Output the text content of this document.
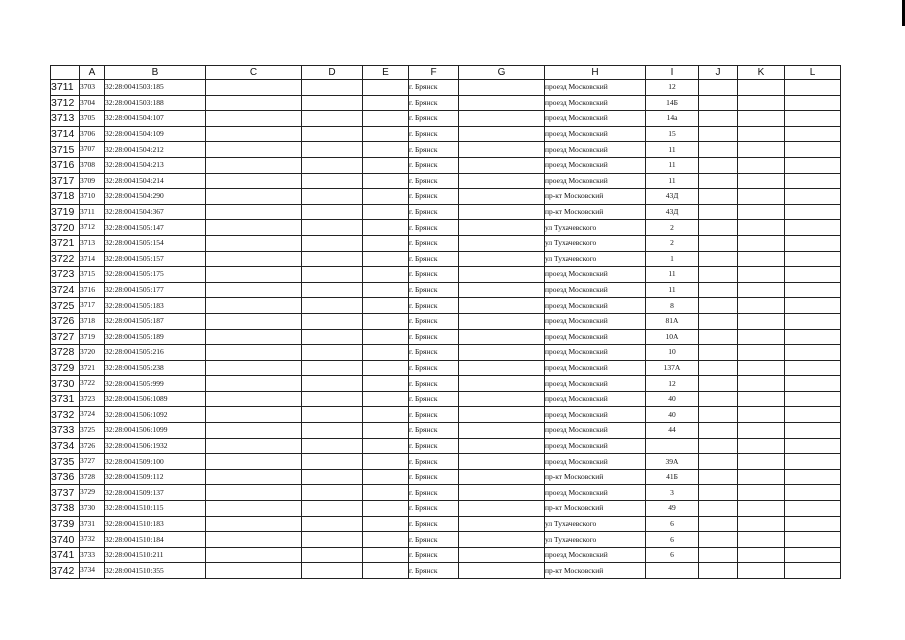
	A	B	C	D	E	F	G	H	I	J	K	L
3711	3703	32:28:0041503:185				г. Брянск		проезд Московский	12			
3712	3704	32:28:0041503:188				г. Брянск		проезд Московский	14Б			
3713	3705	32:28:0041504:107				г. Брянск		проезд Московский	14а			
3714	3706	32:28:0041504:109				г. Брянск		проезд Московский	15			
3715	3707	32:28:0041504:212				г. Брянск		проезд Московский	11			
3716	3708	32:28:0041504:213				г. Брянск		проезд Московский	11			
3717	3709	32:28:0041504:214				г. Брянск		проезд Московский	11			
3718	3710	32:28:0041504:290				г. Брянск		пр-кт Московский	43Д			
3719	3711	32:28:0041504:367				г. Брянск		пр-кт Московский	43Д			
3720	3712	32:28:0041505:147				г. Брянск		ул Тухачевского	2			
3721	3713	32:28:0041505:154				г. Брянск		ул Тухачевского	2			
3722	3714	32:28:0041505:157				г. Брянск		ул Тухачевского	1			
3723	3715	32:28:0041505:175				г. Брянск		проезд Московский	11			
3724	3716	32:28:0041505:177				г. Брянск		проезд Московский	11			
3725	3717	32:28:0041505:183				г. Брянск		проезд Московский	8			
3726	3718	32:28:0041505:187				г. Брянск		проезд Московский	81А			
3727	3719	32:28:0041505:189				г. Брянск		проезд Московский	10А			
3728	3720	32:28:0041505:216				г. Брянск		проезд Московский	10			
3729	3721	32:28:0041505:238				г. Брянск		проезд Московский	137А			
3730	3722	32:28:0041505:999				г. Брянск		проезд Московский	12			
3731	3723	32:28:0041506:1089				г. Брянск		проезд Московский	40			
3732	3724	32:28:0041506:1092				г. Брянск		проезд Московский	40			
3733	3725	32:28:0041506:1099				г. Брянск		проезд Московский	44			
3734	3726	32:28:0041506:1932				г. Брянск		проезд Московский				
3735	3727	32:28:0041509:100				г. Брянск		проезд Московский	39А			
3736	3728	32:28:0041509:112				г. Брянск		пр-кт Московский	41Б			
3737	3729	32:28:0041509:137				г. Брянск		проезд Московский	3			
3738	3730	32:28:0041510:115				г. Брянск		пр-кт Московский	49			
3739	3731	32:28:0041510:183				г. Брянск		ул Тухачевского	6			
3740	3732	32:28:0041510:184				г. Брянск		ул Тухачевского	6			
3741	3733	32:28:0041510:211				г. Брянск		проезд Московский	6			
3742	3734	32:28:0041510:355				г. Брянск		пр-кт Московский				
